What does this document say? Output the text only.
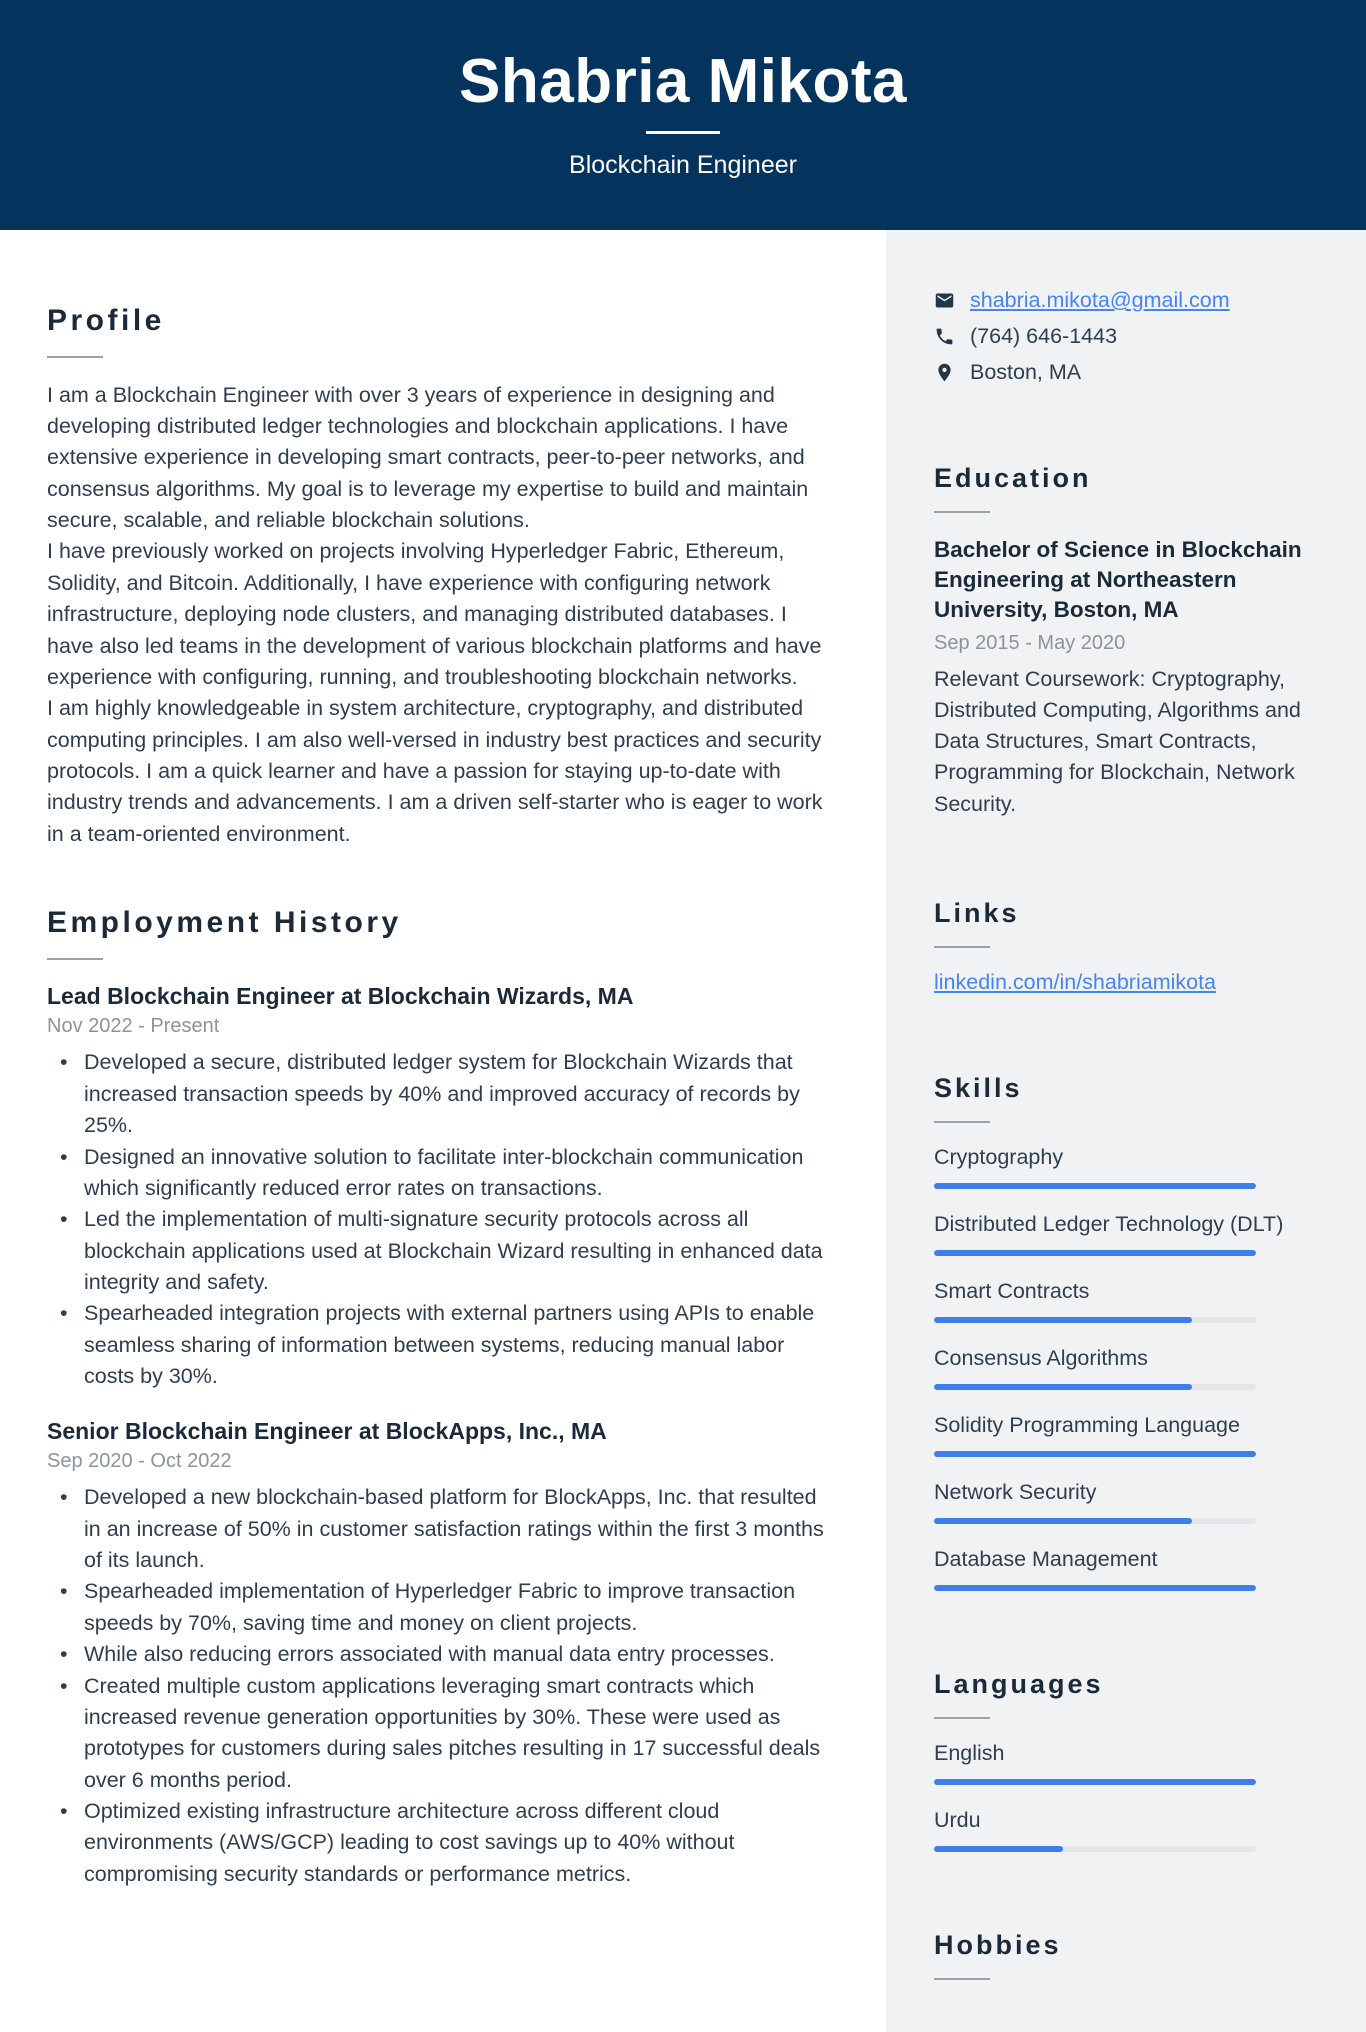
Shabria Mikota
Blockchain Engineer
Profile

I am a Blockchain Engineer with over 3 years of experience in designing and developing distributed ledger technologies and blockchain applications. I have extensive experience in developing smart contracts, peer-to-peer networks, and consensus algorithms. My goal is to leverage my expertise to build and maintain secure, scalable, and reliable blockchain solutions.

I have previously worked on projects involving Hyperledger Fabric, Ethereum, Solidity, and Bitcoin. Additionally, I have experience with configuring network infrastructure, deploying node clusters, and managing distributed databases. I have also led teams in the development of various blockchain platforms and have experience with configuring, running, and troubleshooting blockchain networks.

I am highly knowledgeable in system architecture, cryptography, and distributed computing principles. I am also well-versed in industry best practices and security protocols. I am a quick learner and have a passion for staying up-to-date with industry trends and advancements. I am a driven self-starter who is eager to work in a team-oriented environment.

Employment History
Lead Blockchain Engineer at Blockchain Wizards, MA
Nov 2022 - Present
• Developed a secure, distributed ledger system for Blockchain Wizards that increased transaction speeds by 40% and improved accuracy of records by 25%.
• Designed an innovative solution to facilitate inter-blockchain communication which significantly reduced error rates on transactions.
• Led the implementation of multi-signature security protocols across all blockchain applications used at Blockchain Wizard resulting in enhanced data integrity and safety.
• Spearheaded integration projects with external partners using APIs to enable seamless sharing of information between systems, reducing manual labor costs by 30%.
Senior Blockchain Engineer at BlockApps, Inc., MA
Sep 2020 - Oct 2022
• Developed a new blockchain-based platform for BlockApps, Inc. that resulted in an increase of 50% in customer satisfaction ratings within the first 3 months of its launch.
• Spearheaded implementation of Hyperledger Fabric to improve transaction speeds by 70%, saving time and money on client projects.
• While also reducing errors associated with manual data entry processes.
• Created multiple custom applications leveraging smart contracts which increased revenue generation opportunities by 30%. These were used as prototypes for customers during sales pitches resulting in 17 successful deals over 6 months period.
• Optimized existing infrastructure architecture across different cloud environments (AWS/GCP) leading to cost savings up to 40% without compromising security standards or performance metrics.
shabria.mikota@gmail.com
(764) 646-1443
Boston, MA
Education

Bachelor of Science in Blockchain Engineering at Northeastern University, Boston, MA

Sep 2015 - May 2020

Relevant Coursework: Cryptography, Distributed Computing, Algorithms and Data Structures, Smart Contracts, Programming for Blockchain, Network Security.

Links
linkedin.com/in/shabriamikota
Skills
Cryptography
Distributed Ledger Technology (DLT)
Smart Contracts
Consensus Algorithms
Solidity Programming Language
Network Security
Database Management
Languages
English
Urdu
Hobbies
